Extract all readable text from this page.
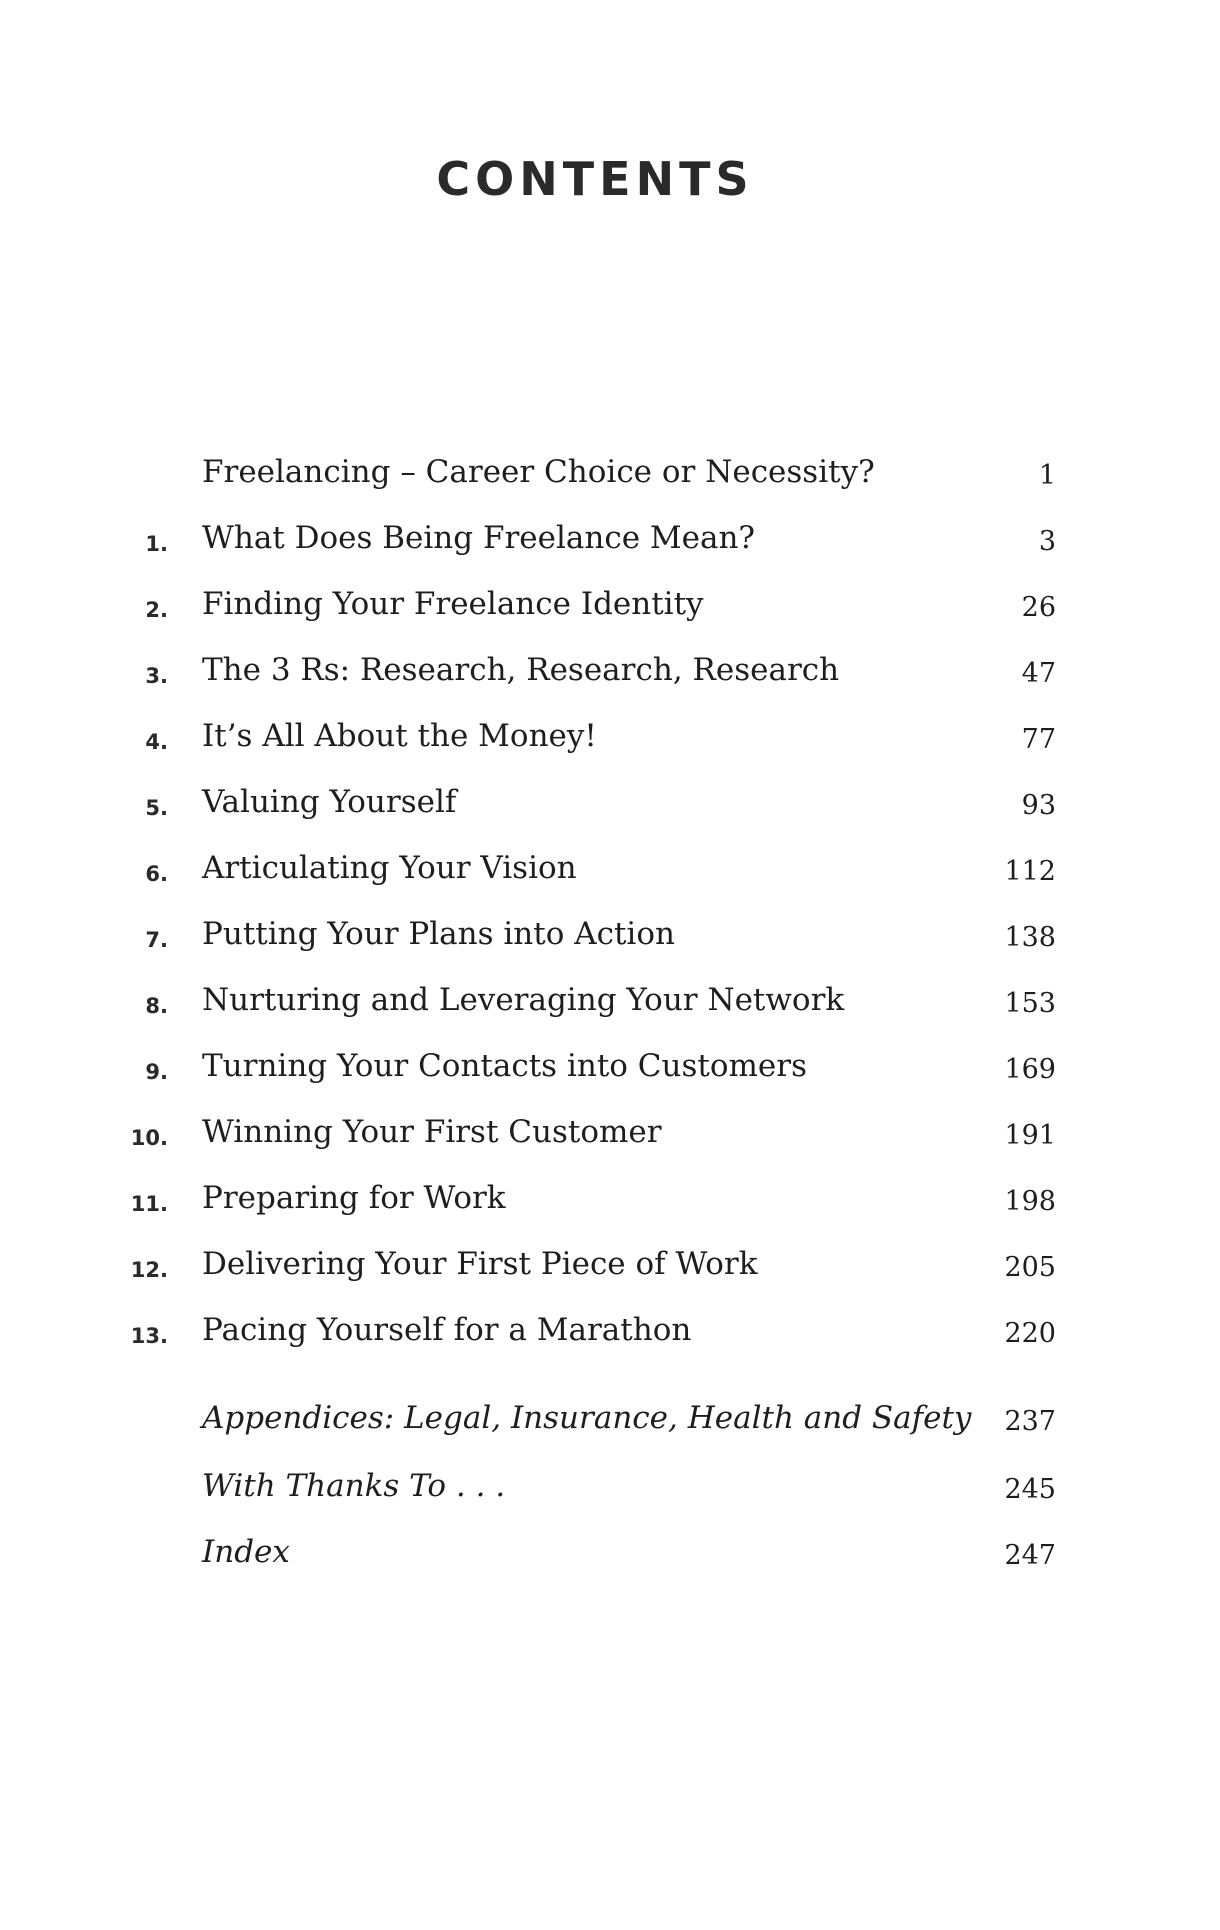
CONTENTS
Freelancing – Career Choice or Necessity?	1
1. What Does Being Freelance Mean?	3
2. Finding Your Freelance Identity	26
3. The 3 Rs: Research, Research, Research	47
4. It’s All About the Money!	77
5. Valuing Yourself	93
6. Articulating Your Vision	112
7. Putting Your Plans into Action	138
8. Nurturing and Leveraging Your Network	153
9. Turning Your Contacts into Customers	169
10. Winning Your First Customer	191
11. Preparing for Work	198
12. Delivering Your First Piece of Work	205
13. Pacing Yourself for a Marathon	220
Appendices: Legal, Insurance, Health and Safety 237
With Thanks To . . .	245
Index	247
